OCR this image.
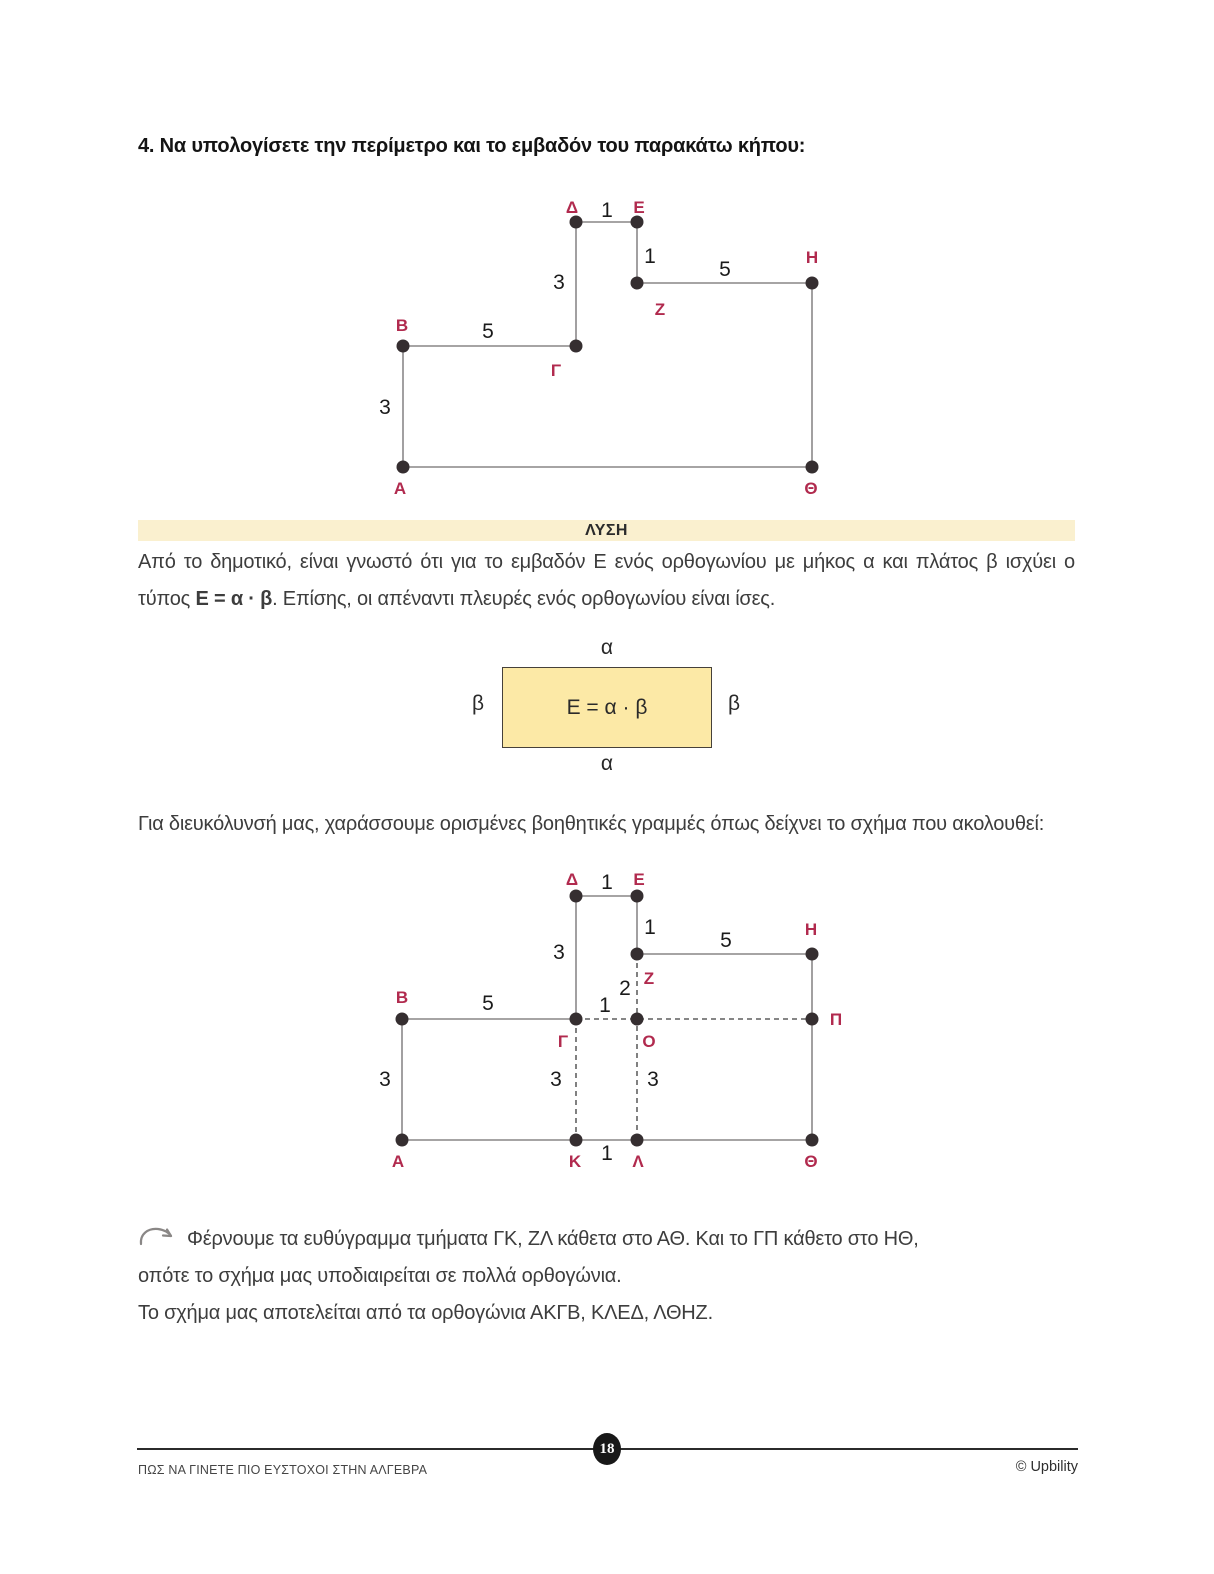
4. Να υπολογίσετε την περίμετρο και το εμβαδόν του παρακάτω κήπου:
Δ	Ε
Ζ
Η
Β
Γ
Α	Θ
1
1
5
3
5
3
ΛΥΣΗ
Από το δημοτικό, είναι γνωστό ότι για το εμβαδόν Ε ενός ορθογωνίου με μήκος α και πλάτος β ισχύει ο τύπος Ε = α · β. Επίσης, οι απέναντι πλευρές ενός ορθογωνίου είναι ίσες.
α
β	Ε = α · β	β
α
Για διευκόλυνσή μας, χαράσσουμε ορισμένες βοηθητικές γραμμές όπως δείχνει το σχήμα που ακολουθεί:
Δ	Ε
Ζ
Η
Β
Γ	Ο
Π
Α	Κ	Λ	Θ
1
1
5
3
2
5	1
3	3	3
1
Φέρνουμε τα ευθύγραμμα τμήματα ΓΚ, ΖΛ κάθετα στο ΑΘ. Και το ΓΠ κάθετο στο ΗΘ,
οπότε το σχήμα μας υποδιαιρείται σε πολλά ορθογώνια.
Το σχήμα μας αποτελείται από τα ορθογώνια ΑΚΓΒ, ΚΛΕΔ, ΛΘΗΖ.
18
ΠΩΣ ΝΑ ΓΙΝΕΤΕ ΠΙΟ ΕΥΣΤΟΧΟΙ ΣΤΗΝ ΑΛΓΕΒΡΑ	© Upbility
